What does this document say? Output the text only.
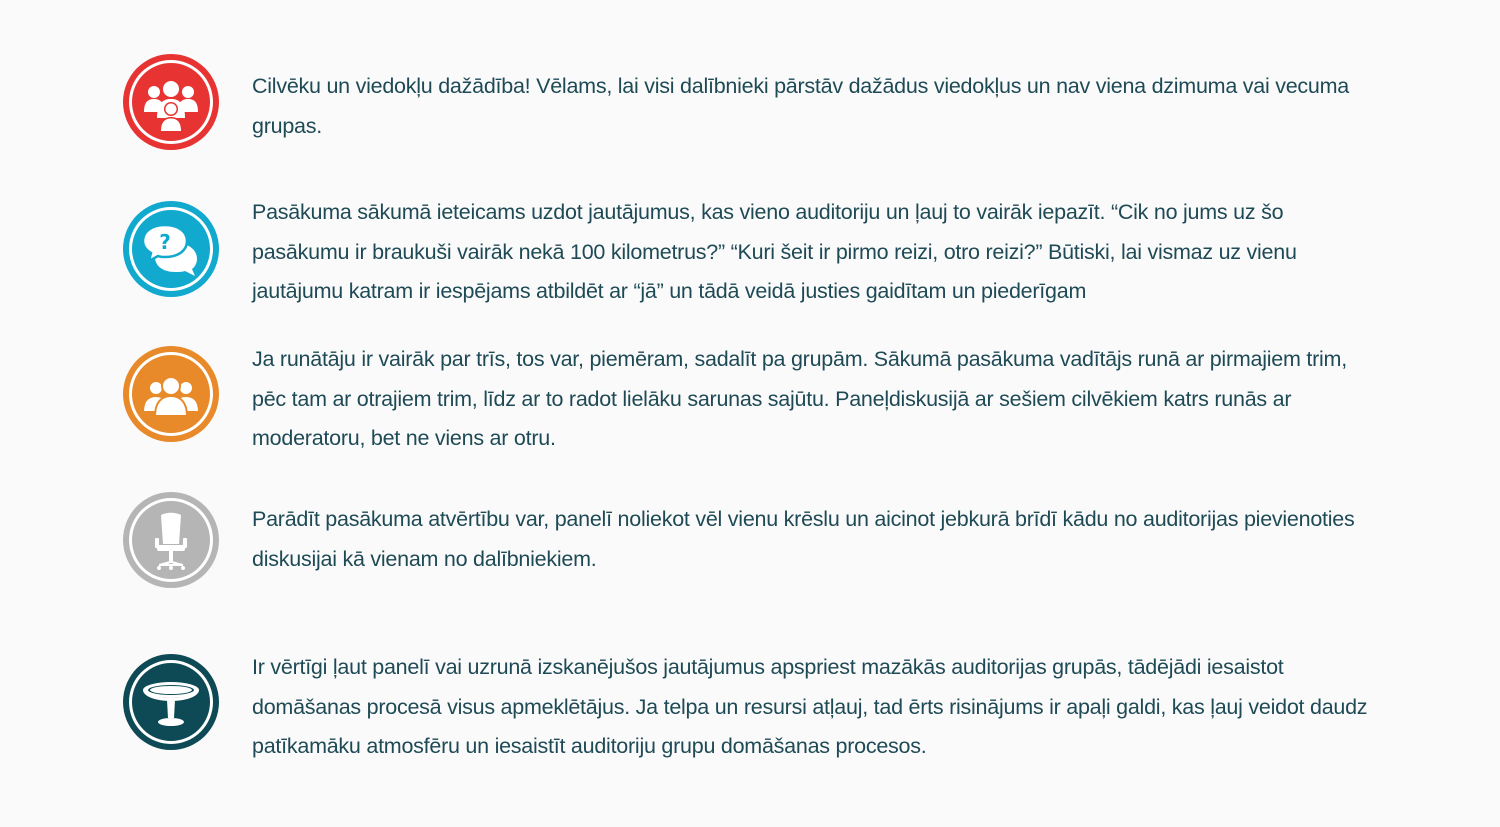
Cilvēku un viedokļu dažādība! Vēlams, lai visi dalībnieki pārstāv dažādus viedokļus un nav viena dzimuma vai vecuma grupas.
?
Pasākuma sākumā ieteicams uzdot jautājumus, kas vieno auditoriju un ļauj to vairāk iepazīt. “Cik no jums uz šo pasākumu ir braukuši vairāk nekā 100 kilometrus?” “Kuri šeit ir pirmo reizi, otro reizi?” Būtiski, lai vismaz uz vienu jautājumu katram ir iespējams atbildēt ar “jā” un tādā veidā justies gaidītam un piederīgam
Ja runātāju ir vairāk par trīs, tos var, piemēram, sadalīt pa grupām. Sākumā pasākuma vadītājs runā ar pirmajiem trim, pēc tam ar otrajiem trim, līdz ar to radot lielāku sarunas sajūtu. Paneļdiskusijā ar sešiem cilvēkiem katrs runās ar moderatoru, bet ne viens ar otru.
Parādīt pasākuma atvērtību var, panelī noliekot vēl vienu krēslu un aicinot jebkurā brīdī kādu no auditorijas pievienoties diskusijai kā vienam no dalībniekiem.
Ir vērtīgi ļaut panelī vai uzrunā izskanējušos jautājumus apspriest mazākās auditorijas grupās, tādējādi iesaistot domāšanas procesā visus apmeklētājus. Ja telpa un resursi atļauj, tad ērts risinājums ir apaļi galdi, kas ļauj veidot daudz patīkamāku atmosfēru un iesaistīt auditoriju grupu domāšanas procesos.
